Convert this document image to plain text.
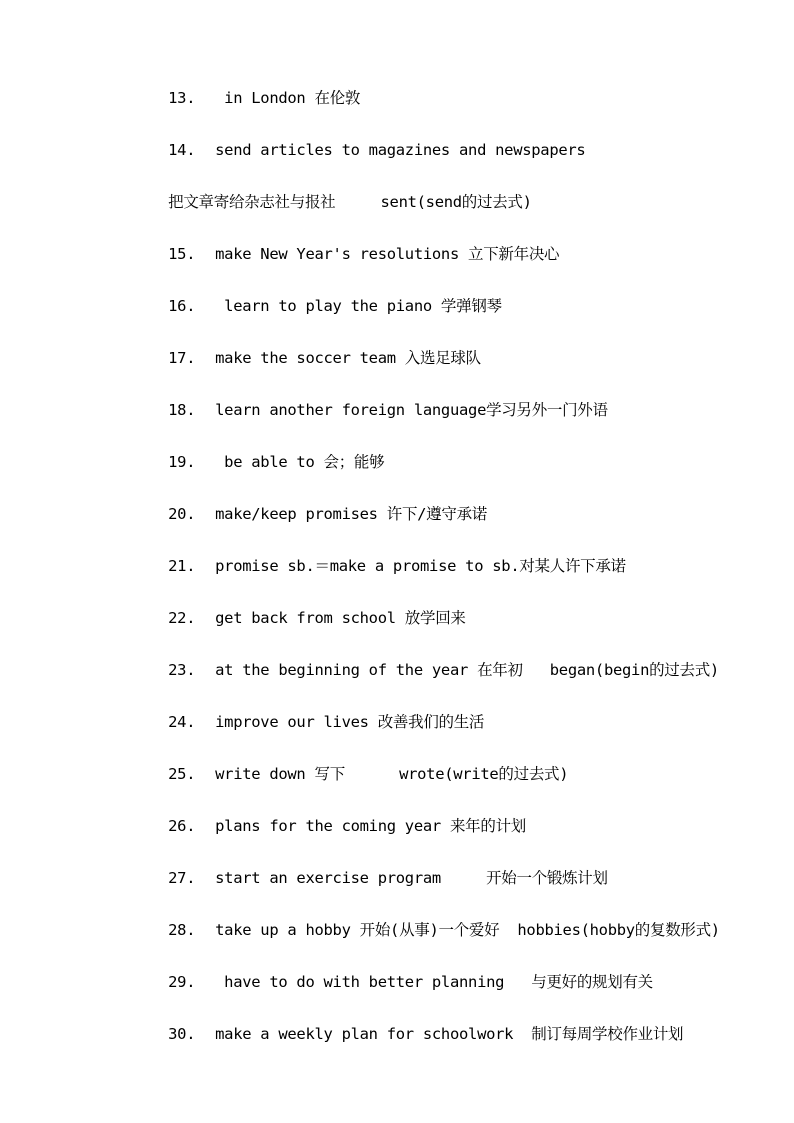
13. in London 在伦敦

14. send articles to magazines and newspapers

把文章寄给杂志社与报社     sent(send的过去式)

15. make New Year's resolutions 立下新年决心

16. learn to play the piano 学弹钢琴

17. make the soccer team 入选足球队

18. learn another foreign language学习另外一门外语

19. be able to 会；能够

20. make/keep promises 许下/遵守承诺

21. promise sb.＝make a promise to sb.对某人许下承诺

22. get back from school 放学回来

23. at the beginning of the year 在年初   began(begin的过去式)

24. improve our lives 改善我们的生活

25. write down 写下      wrote(write的过去式)

26. plans for the coming year 来年的计划

27. start an exercise program     开始一个锻炼计划

28. take up a hobby 开始(从事)一个爱好  hobbies(hobby的复数形式)

29. have to do with better planning   与更好的规划有关

30. make a weekly plan for schoolwork  制订每周学校作业计划
